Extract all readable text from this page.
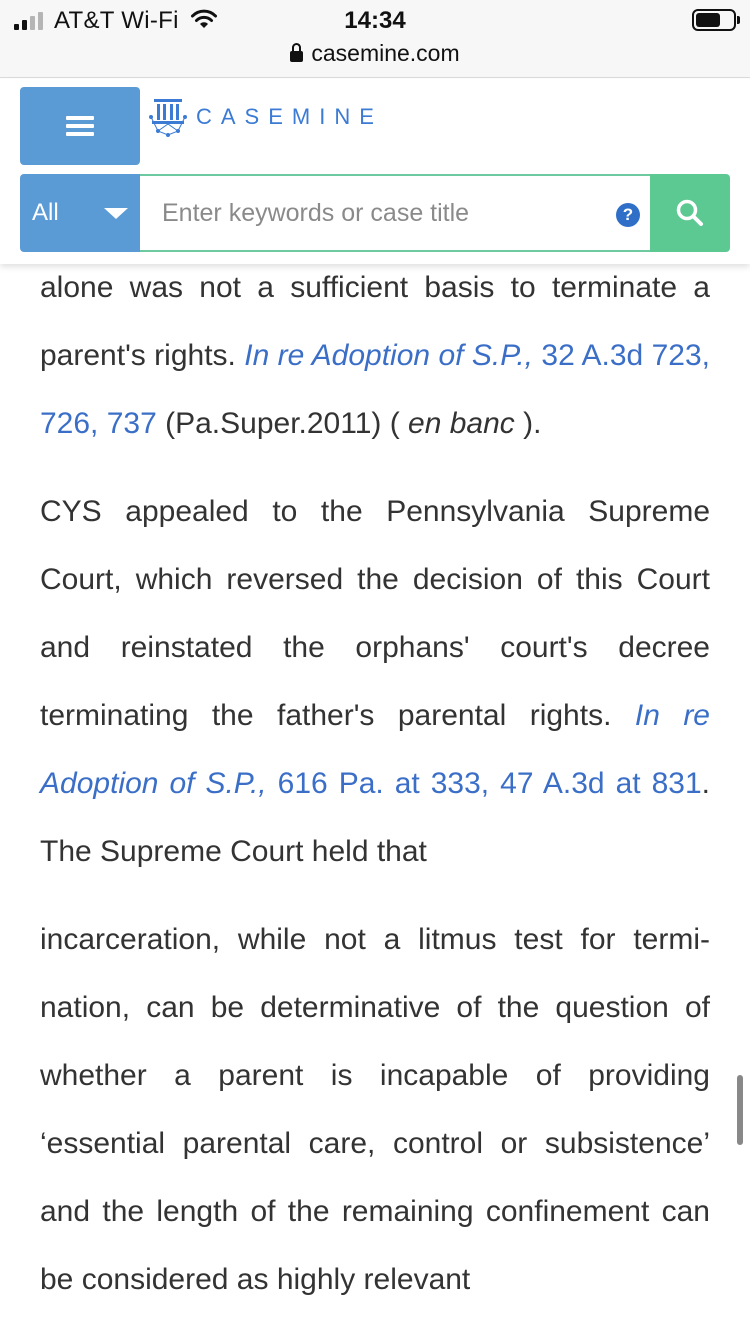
AT&T Wi-Fi	14:34
casemine.com
CASEMINE
All
Enter keywords or case title	?

alone was not a sufficient basis to terminate a parent's rights. In re Adoption of S.P., 32 A.3d 723, 726, 737 (Pa.Super.2011) ( en banc ).

CYS appealed to the Pennsylvania Supreme Court, which reversed the decision of this Court and reinstated the orphans' court's decree terminating the father's parental rights. In re Adoption of S.P., 616 Pa. at 333, 47 A.3d at 831. The Supreme Court held that

incarceration, while not a litmus test for termination, can be determinative of the question of whether a parent is incapable of providing ‘essential parental care, control or subsistence’ and the length of the remaining confinement can be considered as highly relevant
